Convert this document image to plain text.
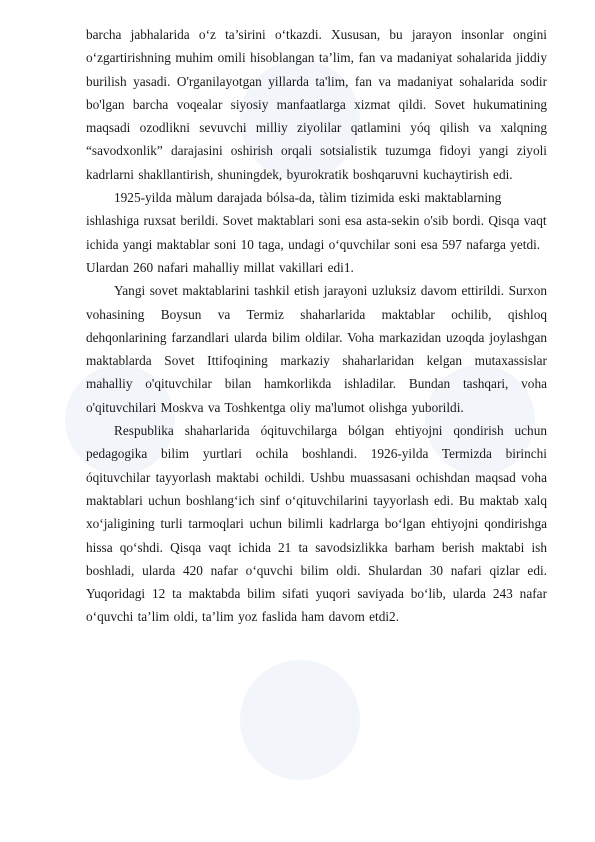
barcha jabhalarida o‘z ta’sirini o‘tkazdi. Xususan, bu jarayon insonlar ongini o‘zgartirishning muhim omili hisoblangan ta’lim, fan va madaniyat sohalarida jiddiy burilish yasadi. O'rganilayotgan yillarda ta'lim, fan va madaniyat sohalarida sodir bo'lgan barcha voqealar siyosiy manfaatlarga xizmat qildi. Sovet hukumatining maqsadi ozodlikni sevuvchi milliy ziyolilar qatlamini yóq qilish va xalqning “savodxonlik” darajasini oshirish orqali sotsialistik tuzumga fidoyi yangi ziyoli kadrlarni shakllantirish, shuningdek, byurokratik boshqaruvni kuchaytirish edi.

1925-yilda màlum darajada bólsa-da, tàlim tizimida eski maktablarning ishlashiga ruxsat berildi. Sovet maktablari soni esa asta-sekin o'sib bordi. Qisqa vaqt ichida yangi maktablar soni 10 taga, undagi o‘quvchilar soni esa 597 nafarga yetdi. Ulardan 260 nafari mahalliy millat vakillari edi1.

Yangi sovet maktablarini tashkil etish jarayoni uzluksiz davom ettirildi. Surxon vohasining Boysun va Termiz shaharlarida maktablar ochilib, qishloq dehqonlarining farzandlari ularda bilim oldilar. Voha markazidan uzoqda joylashgan maktablarda Sovet Ittifoqining markaziy shaharlaridan kelgan mutaxassislar mahalliy o'qituvchilar bilan hamkorlikda ishladilar. Bundan tashqari, voha o'qituvchilari Moskva va Toshkentga oliy ma'lumot olishga yuborildi.

Respublika shaharlarida óqituvchilarga bólgan ehtiyojni qondirish uchun pedagogika bilim yurtlari ochila boshlandi. 1926-yilda Termizda birinchi óqituvchilar tayyorlash maktabi ochildi. Ushbu muassasani ochishdan maqsad voha maktablari uchun boshlang‘ich sinf o‘qituvchilarini tayyorlash edi. Bu maktab xalq xo‘jaligining turli tarmoqlari uchun bilimli kadrlarga bo‘lgan ehtiyojni qondirishga hissa qo‘shdi. Qisqa vaqt ichida 21 ta savodsizlikka barham berish maktabi ish boshladi, ularda 420 nafar o‘quvchi bilim oldi. Shulardan 30 nafari qizlar edi. Yuqoridagi 12 ta maktabda bilim sifati yuqori saviyada bo‘lib, ularda 243 nafar o‘quvchi ta’lim oldi, ta’lim yoz faslida ham davom etdi2.
